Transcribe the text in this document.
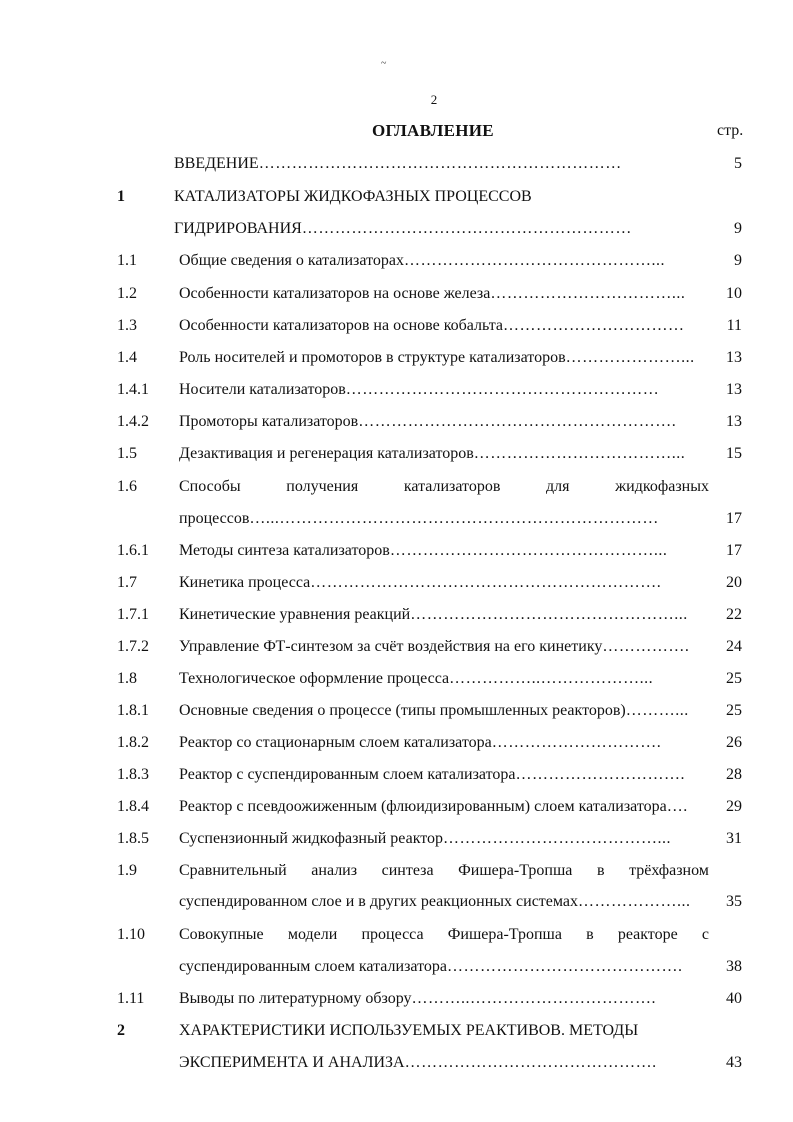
~
2
ОГЛАВЛЕНИЕ	стр.
ВВЕДЕНИЕ…………………………………………………………	5
1	КАТАЛИЗАТОРЫ ЖИДКОФАЗНЫХ ПРОЦЕССОВ
ГИДРИРОВАНИЯ……………………………………………………	9
1.1	Общие сведения о катализаторах………………………………………...	9
1.2	Особенности катализаторов на основе железа……………………………...	10
1.3	Особенности катализаторов на основе кобальта……………………………	11
1.4	Роль носителей и промоторов в структуре катализаторов…………………...	13
1.4.1 Носители катализаторов…………………………………………………	13
1.4.2 Промоторы катализаторов………………………………………………….	13
1.5	Дезактивация и регенерация катализаторов………………………………...	15
1.6	Способы	получения	катализаторов	для	жидкофазных
процессов…...……………………………………………………………	17
1.6.1 Методы синтеза катализаторов…………………………………………...	17
1.7	Кинетика процесса……………………………………………………….	20
1.7.1 Кинетические уравнения реакций…………………………………………...	22
1.7.2 Управление ФТ-синтезом за счёт воздействия на его кинетику…………….	24
1.8	Технологическое оформление процесса……………..………………...	25
1.8.1 Основные сведения о процессе (типы промышленных реакторов)………...	25
1.8.2 Реактор со стационарным слоем катализатора………………………….	26
1.8.3 Реактор с суспендированным слоем катализатора………………………….	28
1.8.4 Реактор с псевдоожиженным (флюидизированным) слоем катализатора….	29
1.8.5 Суспензионный жидкофазный реактор…………………………………...	31
1.9	Сравнительный анализ синтеза Фишера-Тропша в трёхфазном
суспендированном слое и в других реакционных системах………………...	35
1.10 Совокупные модели процесса Фишера-Тропша в реакторе с
суспендированным слоем катализатора…………………………………….	38
1.11 Выводы по литературному обзору………..…………………………….	40
2	ХАРАКТЕРИСТИКИ ИСПОЛЬЗУЕМЫХ РЕАКТИВОВ. МЕТОДЫ
ЭКСПЕРИМЕНТА И АНАЛИЗА……………………………………….	43
